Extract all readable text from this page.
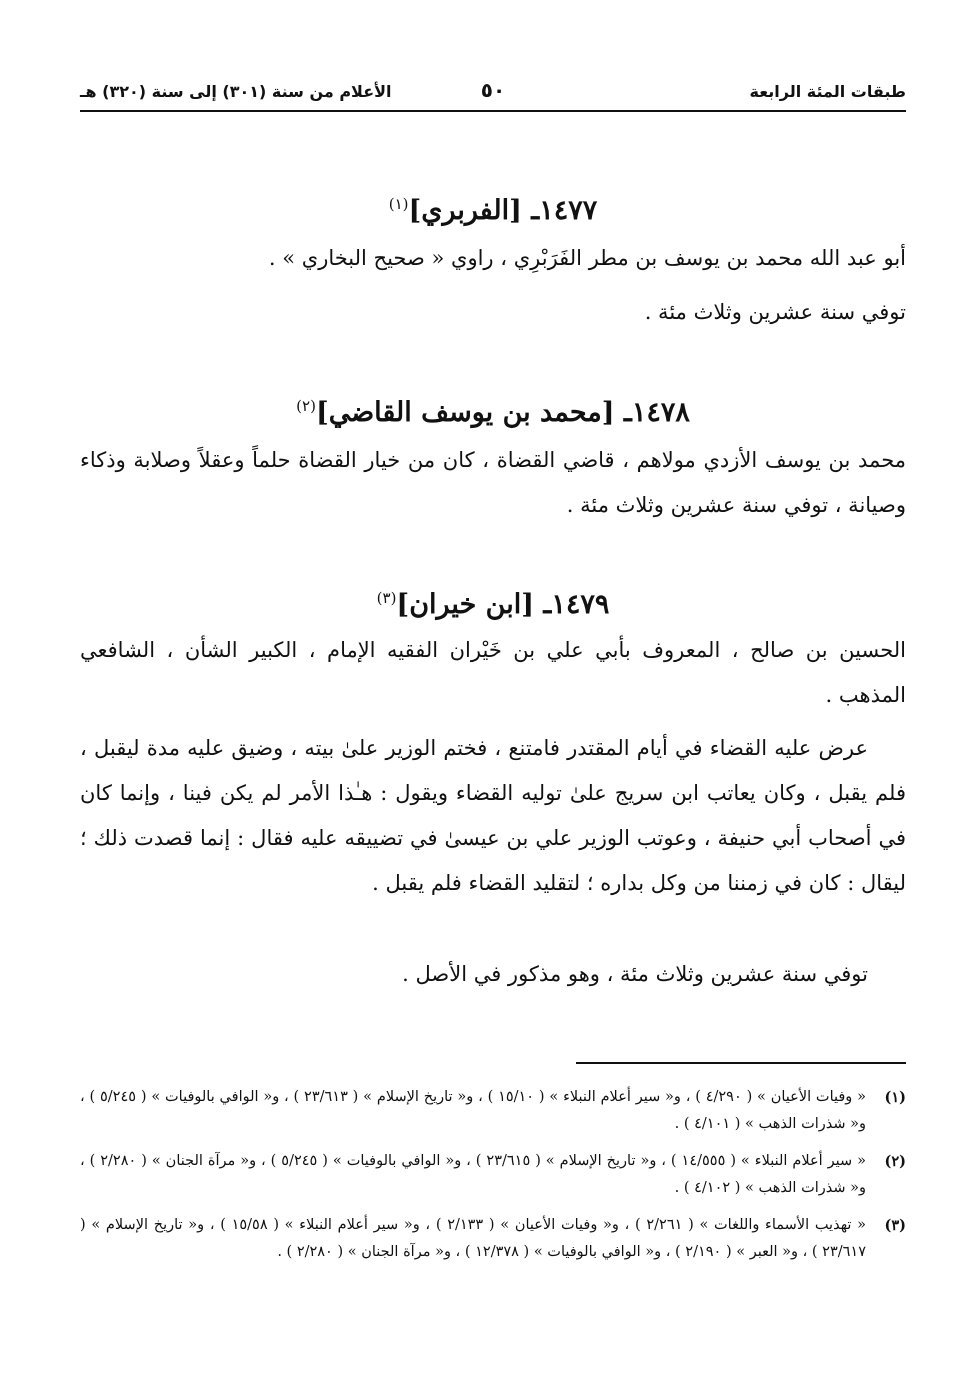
طبقات المئة الرابعة
٥٠
الأعلام من سنة (٣٠١) إلى سنة (٣٢٠) هـ
١٤٧٧ـ [الفربري]$^{(١)}$
أبو عبد الله محمد بن يوسف بن مطر الفَرَبْرِي ، راوي « صحيح البخاري » .
توفي سنة عشرين وثلاث مئة .
١٤٧٨ـ [محمد بن يوسف القاضي]$^{(٢)}$
محمد بن يوسف الأزدي مولاهم ، قاضي القضاة ، كان من خيار القضاة حلماً وعقلاً وصلابة وذكاء وصيانة ، توفي سنة عشرين وثلاث مئة .
١٤٧٩ـ [ابن خيران]$^{(٣)}$
الحسين بن صالح ، المعروف بأبي علي بن خَيْران الفقيه الإمام ، الكبير الشأن ، الشافعي المذهب .
عرض عليه القضاء في أيام المقتدر فامتنع ، فختم الوزير علىٰ بيته ، وضيق عليه مدة ليقبل ، فلم يقبل ، وكان يعاتب ابن سريج علىٰ توليه القضاء ويقول : هـٰذا الأمر لم يكن فينا ، وإنما كان في أصحاب أبي حنيفة ، وعوتب الوزير علي بن عيسىٰ في تضييقه عليه فقال : إنما قصدت ذلك ؛ ليقال : كان في زمننا من وكل بداره ؛ لتقليد القضاء فلم يقبل .
توفي سنة عشرين وثلاث مئة ، وهو مذكور في الأصل .
(١)
« وفيات الأعيان » ( ٤/٢٩٠ ) ، و« سير أعلام النبلاء » ( ١٥/١٠ ) ، و« تاريخ الإسلام » ( ٢٣/٦١٣ ) ، و« الوافي بالوفيات » ( ٥/٢٤٥ ) ، و« شذرات الذهب » ( ٤/١٠١ ) .
(٢)
« سير أعلام النبلاء » ( ١٤/٥٥٥ ) ، و« تاريخ الإسلام » ( ٢٣/٦١٥ ) ، و« الوافي بالوفيات » ( ٥/٢٤٥ ) ، و« مرآة الجنان » ( ٢/٢٨٠ ) ، و« شذرات الذهب » ( ٤/١٠٢ ) .
(٣)
« تهذيب الأسماء واللغات » ( ٢/٢٦١ ) ، و« وفيات الأعيان » ( ٢/١٣٣ ) ، و« سير أعلام النبلاء » ( ١٥/٥٨ ) ، و« تاريخ الإسلام » ( ٢٣/٦١٧ ) ، و« العبر » ( ٢/١٩٠ ) ، و« الوافي بالوفيات » ( ١٢/٣٧٨ ) ، و« مرآة الجنان » ( ٢/٢٨٠ ) .
